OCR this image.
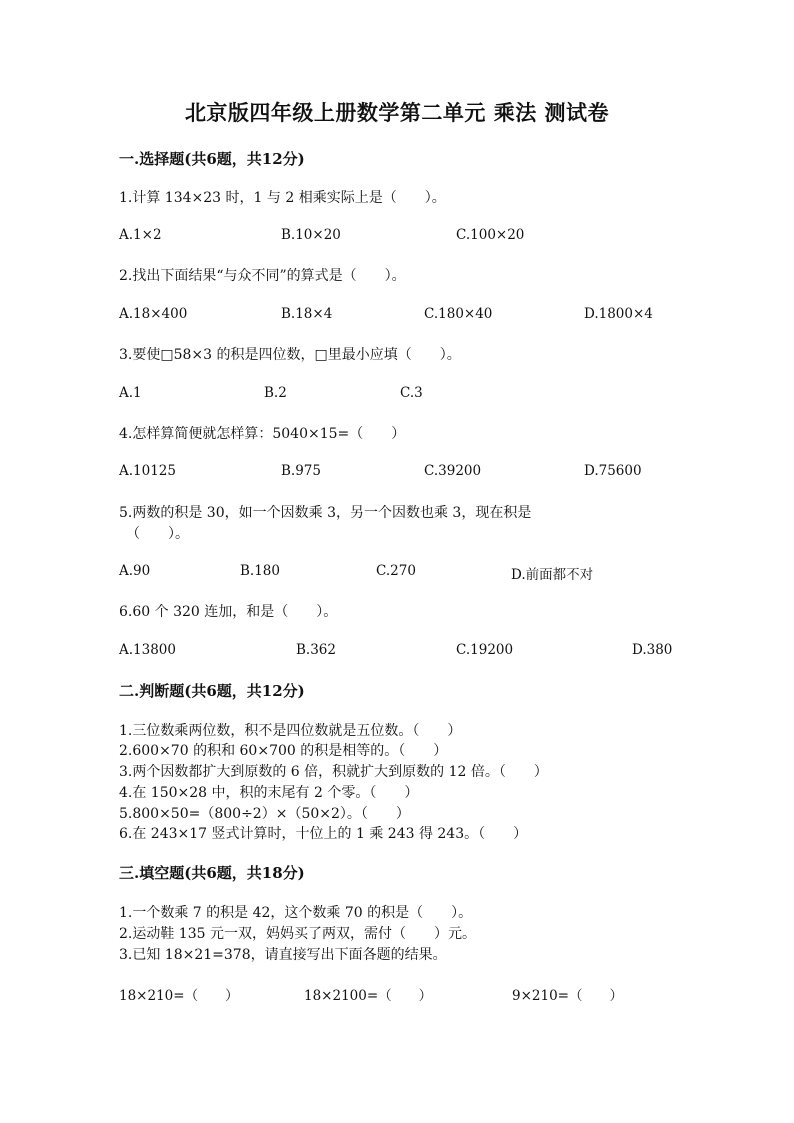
北京版四年级上册数学第二单元 乘法 测试卷
一.选择题(共6题，共12分)
1.计算 134×23 时，1 与 2 相乘实际上是（　　）。
A.1×2	B.10×20	C.100×20
2.找出下面结果“与众不同”的算式是（　　）。
A.18×400	B.18×4	C.180×40	D.1800×4
3.要使□58×3 的积是四位数，□里最小应填（　　）。
A.1	B.2	C.3
4.怎样算简便就怎样算：5040×15=（　　）
A.10125	B.975	C.39200	D.75600
5.两数的积是 30，如一个因数乘 3，另一个因数也乘 3，现在积是
（　　）。
A.90	B.180	C.270	D.前面都不对
6.60 个 320 连加，和是（　　）。
A.13800	B.362	C.19200	D.380
二.判断题(共6题，共12分)
1.三位数乘两位数，积不是四位数就是五位数。（　　）
2.600×70 的积和 60×700 的积是相等的。（　　）
3.两个因数都扩大到原数的 6 倍，积就扩大到原数的 12 倍。（　　）
4.在 150×28 中，积的末尾有 2 个零。（　　）
5.800×50=（800÷2）×（50×2）。（　　）
6.在 243×17 竖式计算时，十位上的 1 乘 243 得 243。（　　）
三.填空题(共6题，共18分)
1.一个数乘 7 的积是 42，这个数乘 70 的积是（　　）。
2.运动鞋 135 元一双，妈妈买了两双，需付（　　）元。
3.已知 18×21=378，请直接写出下面各题的结果。
18×210=（　　）	18×2100=（　　）	9×210=（　　）
